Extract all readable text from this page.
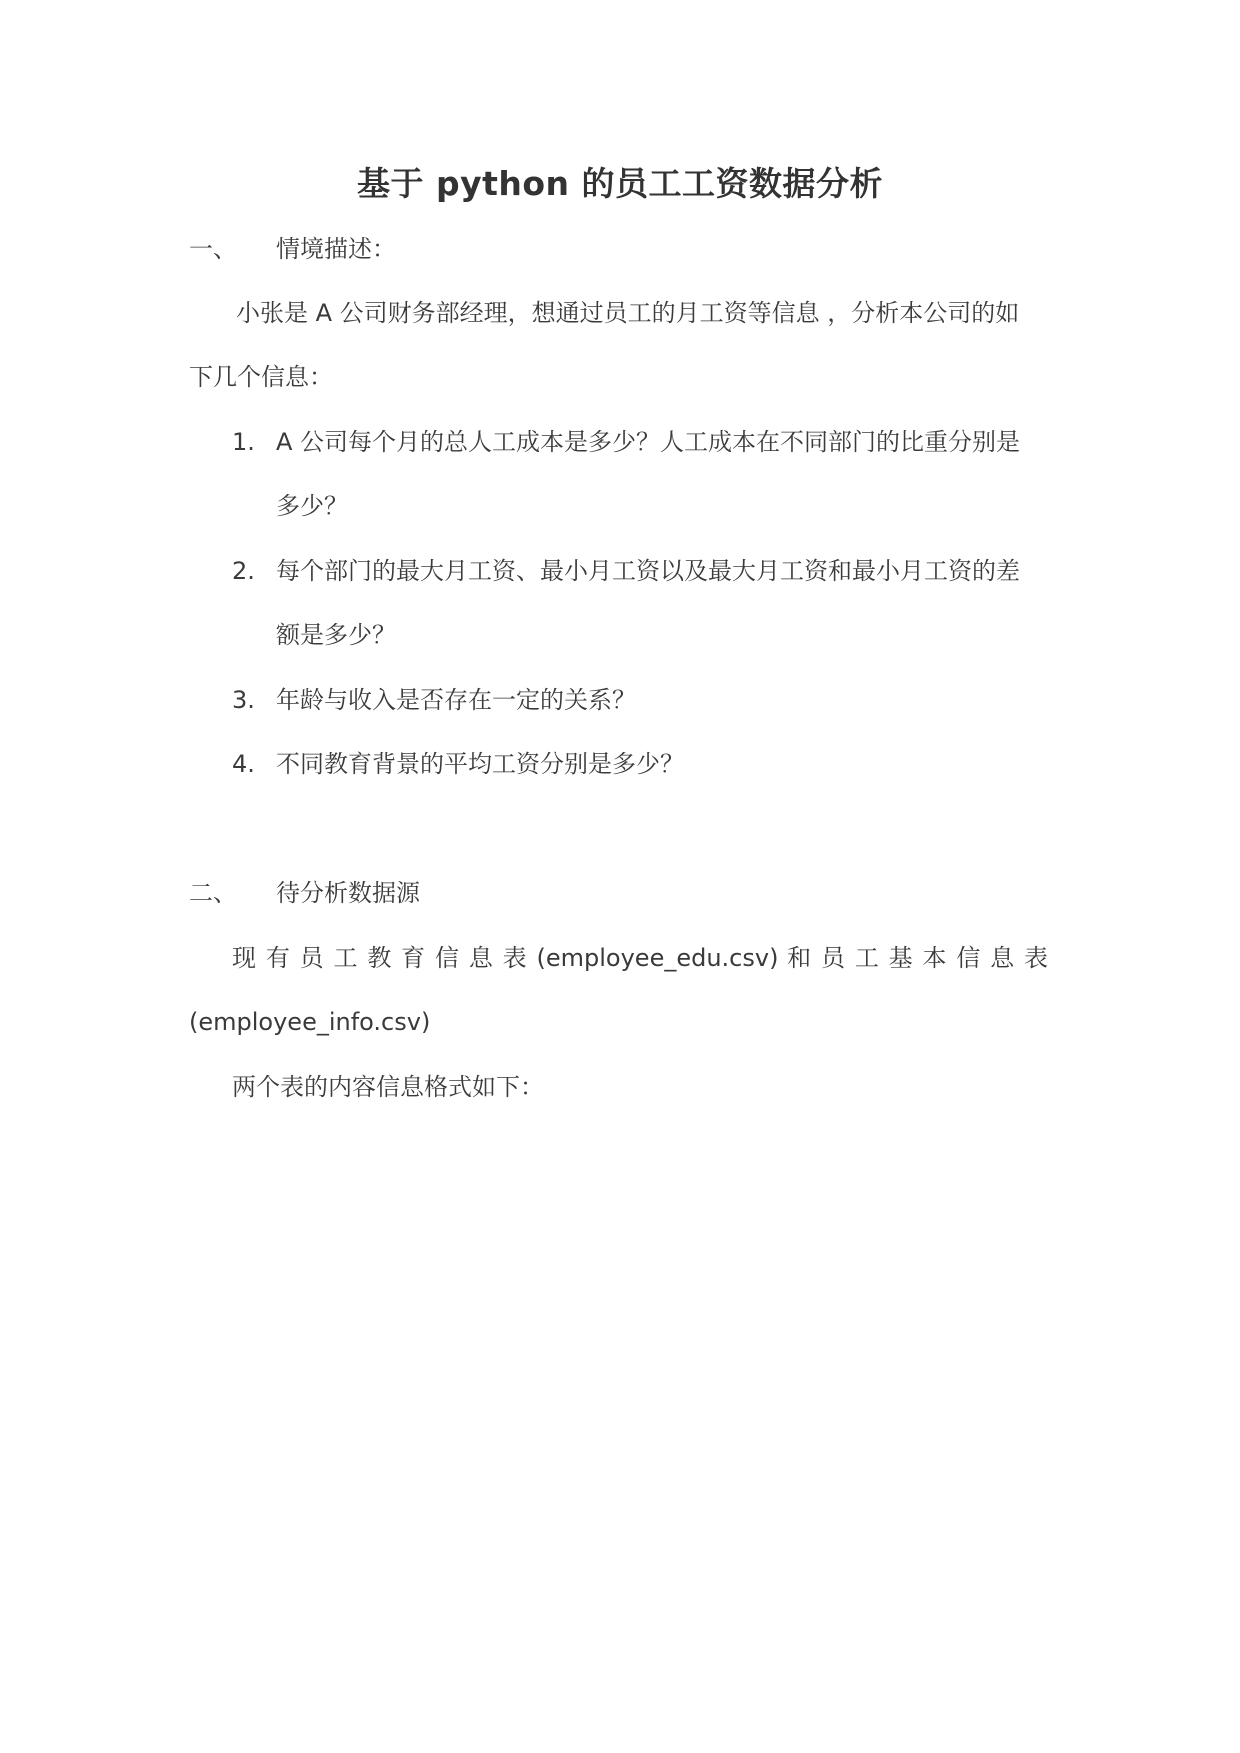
基于 python 的员工工资数据分析
一、 情境描述：

小张是 A 公司财务部经理，想通过员工的月工资等信息 ，分析本公司的如

下几个信息：

1. A 公司每个月的总人工成本是多少？人工成本在不同部门的比重分别是
多少？
2. 每个部门的最大月工资、最小月工资以及最大月工资和最小月工资的差
额是多少？
3. 年龄与收入是否存在一定的关系？
4. 不同教育背景的平均工资分别是多少？
二、 待分析数据源

现 有 员 工 教 育 信 息 表 (employee_edu.csv) 和 员 工 基 本 信 息 表

(employee_info.csv)

两个表的内容信息格式如下：
